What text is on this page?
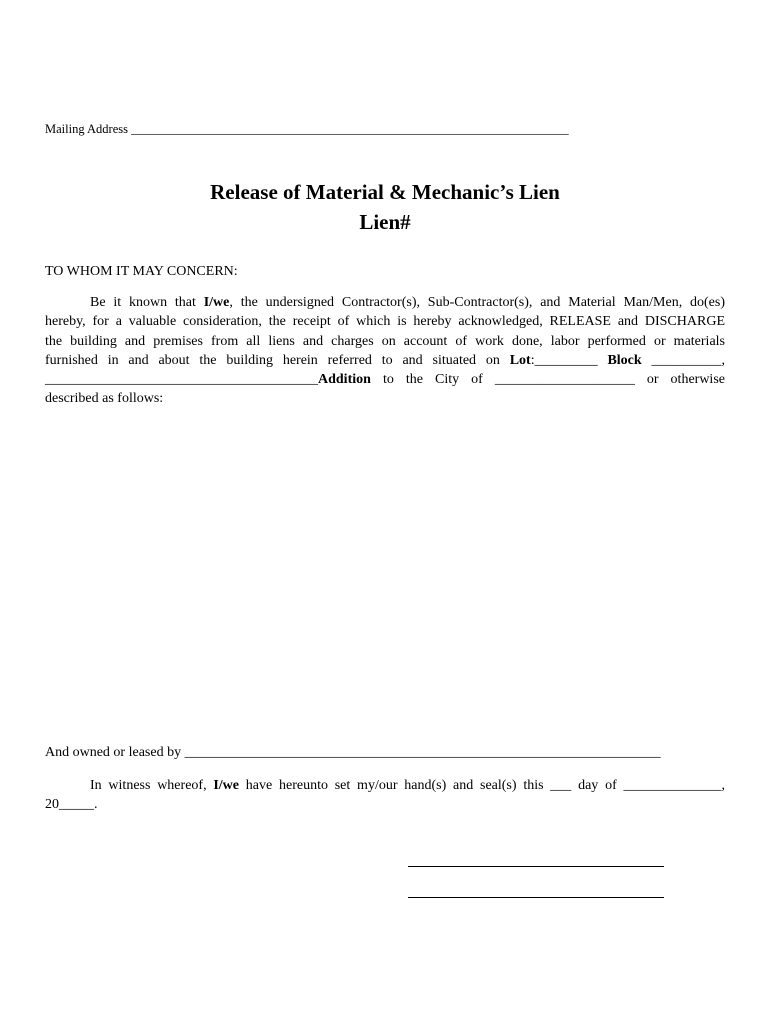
Mailing Address ______________________________________________________________________
Release of Material & Mechanic’s Lien
Lien#
TO WHOM IT MAY CONCERN:
Be it known that I/we, the undersigned Contractor(s), Sub-Contractor(s), and Material Man/Men, do(es)
hereby, for a valuable consideration, the receipt of which is hereby acknowledged, RELEASE and DISCHARGE
the building and premises from all liens and charges on account of work done, labor performed or materials
furnished in and about the building herein referred to and situated on Lot:_________ Block __________,
_______________________________________Addition to the City of ____________________ or otherwise
described as follows:
And owned or leased by ____________________________________________________________________
In witness whereof, I/we have hereunto set my/our hand(s) and seal(s) this ___ day of ______________,
20_____.
